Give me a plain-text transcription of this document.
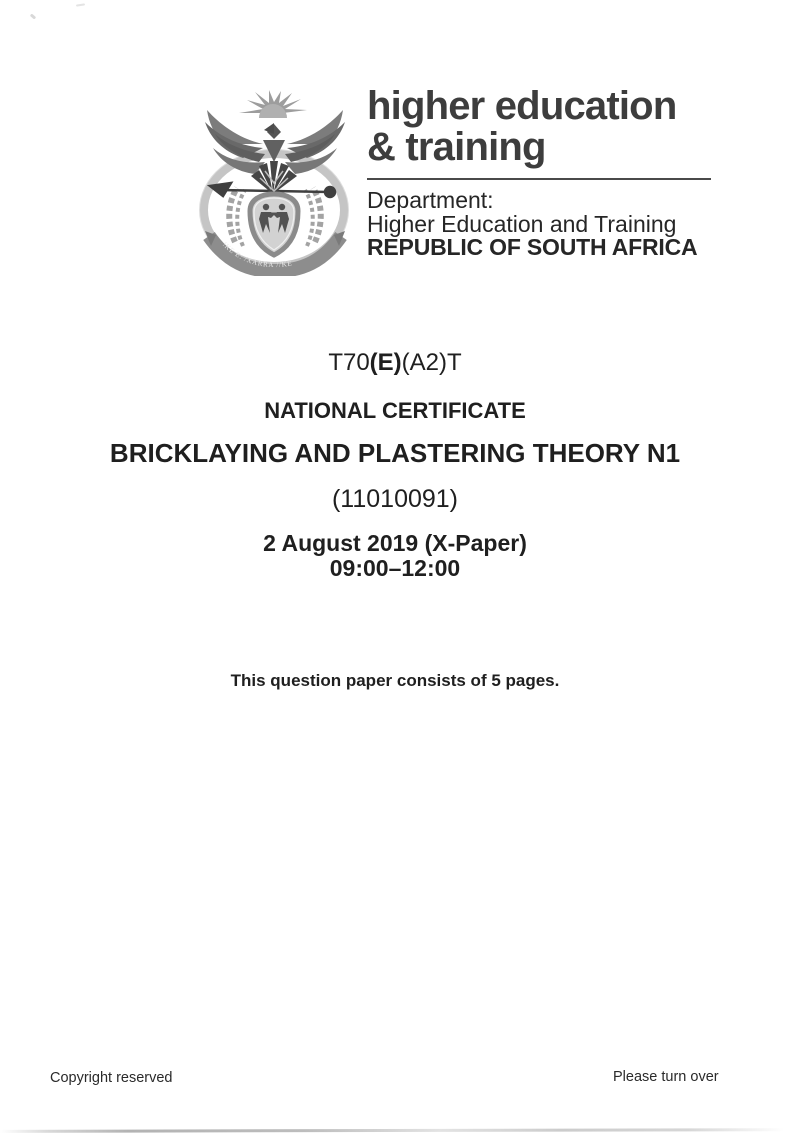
!KE E: /XARRA //KE
higher education
& training
Department:
Higher Education and Training
REPUBLIC OF SOUTH AFRICA
T70(E)(A2)T
NATIONAL CERTIFICATE
BRICKLAYING AND PLASTERING THEORY N1
(11010091)
2 August 2019 (X-Paper)
09:00–12:00
This question paper consists of 5 pages.
Copyright reserved	Please turn over
